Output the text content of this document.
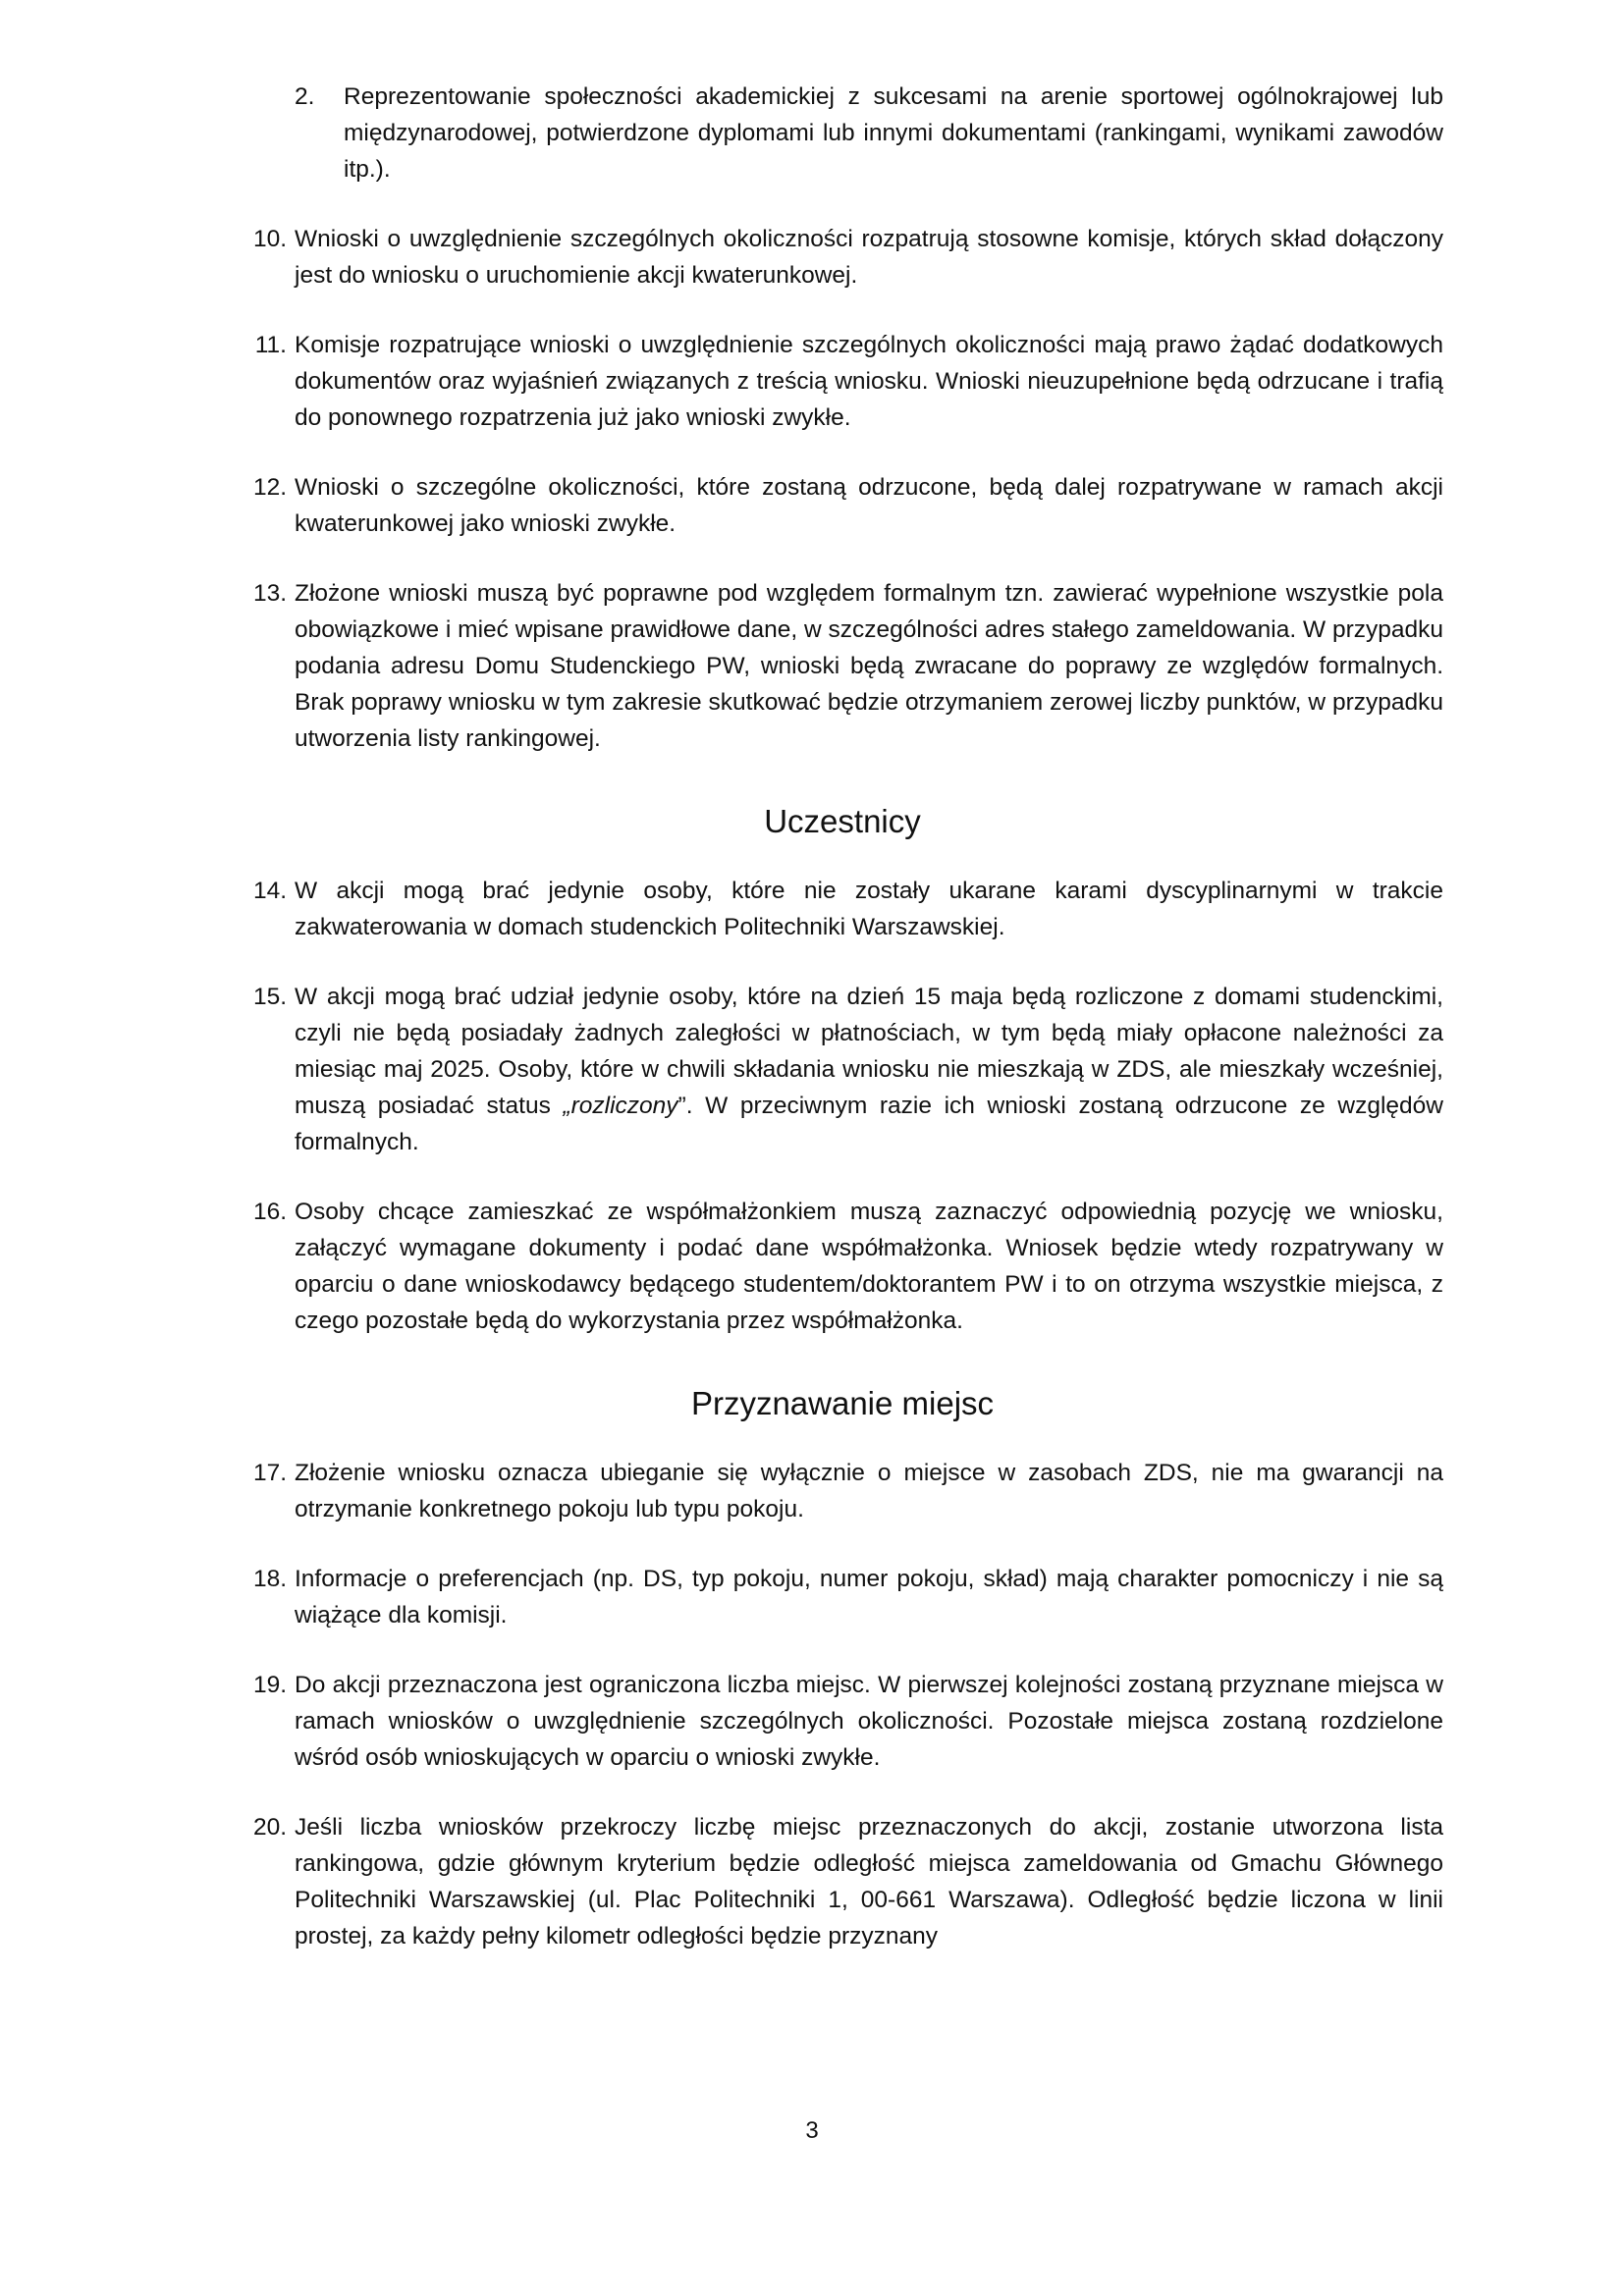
2.	Reprezentowanie społeczności akademickiej z sukcesami na arenie sportowej ogólnokrajowej lub międzynarodowej, potwierdzone dyplomami lub innymi dokumentami (rankingami, wynikami zawodów itp.).
10. Wnioski o uwzględnienie szczególnych okoliczności rozpatrują stosowne komisje, których skład dołączony jest do wniosku o uruchomienie akcji kwaterunkowej.
11. Komisje rozpatrujące wnioski o uwzględnienie szczególnych okoliczności mają prawo żądać dodatkowych dokumentów oraz wyjaśnień związanych z treścią wniosku. Wnioski nieuzupełnione będą odrzucane i trafią do ponownego rozpatrzenia już jako wnioski zwykłe.
12. Wnioski o szczególne okoliczności, które zostaną odrzucone, będą dalej rozpatrywane w ramach akcji kwaterunkowej jako wnioski zwykłe.
13. Złożone wnioski muszą być poprawne pod względem formalnym tzn. zawierać wypełnione wszystkie pola obowiązkowe i mieć wpisane prawidłowe dane, w szczególności adres stałego zameldowania. W przypadku podania adresu Domu Studenckiego PW, wnioski będą zwracane do poprawy ze względów formalnych. Brak poprawy wniosku w tym zakresie skutkować będzie otrzymaniem zerowej liczby punktów, w przypadku utworzenia listy rankingowej.
Uczestnicy
14. W akcji mogą brać jedynie osoby, które nie zostały ukarane karami dyscyplinarnymi w trakcie zakwaterowania w domach studenckich Politechniki Warszawskiej.
15. W akcji mogą brać udział jedynie osoby, które na dzień 15 maja będą rozliczone z domami studenckimi, czyli nie będą posiadały żadnych zaległości w płatnościach, w tym będą miały opłacone należności za miesiąc maj 2025. Osoby, które w chwili składania wniosku nie mieszkają w ZDS, ale mieszkały wcześniej, muszą posiadać status „rozliczony”. W przeciwnym razie ich wnioski zostaną odrzucone ze względów formalnych.
16. Osoby chcące zamieszkać ze współmałżonkiem muszą zaznaczyć odpowiednią pozycję we wniosku, załączyć wymagane dokumenty i podać dane współmałżonka. Wniosek będzie wtedy rozpatrywany w oparciu o dane wnioskodawcy będącego studentem/doktorantem PW i to on otrzyma wszystkie miejsca, z czego pozostałe będą do wykorzystania przez współmałżonka.
Przyznawanie miejsc
17. Złożenie wniosku oznacza ubieganie się wyłącznie o miejsce w zasobach ZDS, nie ma gwarancji na otrzymanie konkretnego pokoju lub typu pokoju.
18. Informacje o preferencjach (np. DS, typ pokoju, numer pokoju, skład) mają charakter pomocniczy i nie są wiążące dla komisji.
19. Do akcji przeznaczona jest ograniczona liczba miejsc. W pierwszej kolejności zostaną przyznane miejsca w ramach wniosków o uwzględnienie szczególnych okoliczności. Pozostałe miejsca zostaną rozdzielone wśród osób wnioskujących w oparciu o wnioski zwykłe.
20. Jeśli liczba wniosków przekroczy liczbę miejsc przeznaczonych do akcji, zostanie utworzona lista rankingowa, gdzie głównym kryterium będzie odległość miejsca zameldowania od Gmachu Głównego Politechniki Warszawskiej (ul. Plac Politechniki 1, 00-661 Warszawa). Odległość będzie liczona w linii prostej, za każdy pełny kilometr odległości będzie przyznany
3
